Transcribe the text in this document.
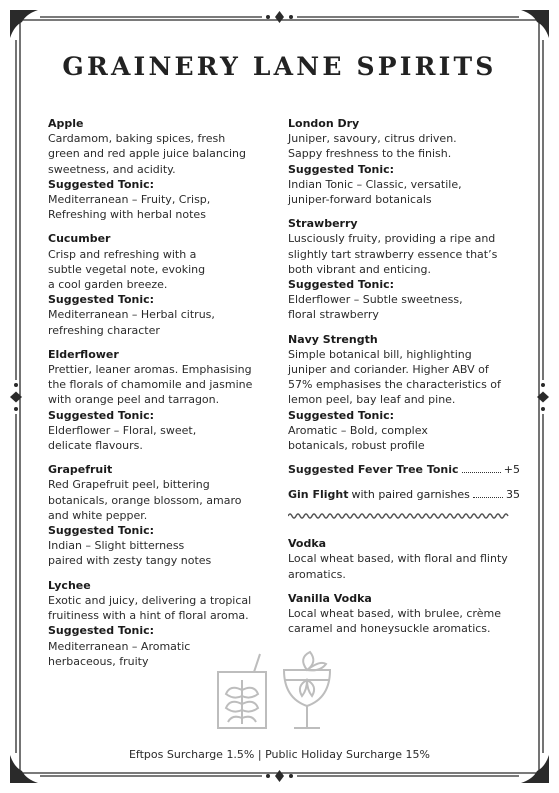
GRAINERY LANE SPIRITS
Apple
Cardamom, baking spices, fresh
green and red apple juice balancing
sweetness, and acidity.
Suggested Tonic:
Mediterranean – Fruity, Crisp,
Refreshing with herbal notes
Cucumber
Crisp and refreshing with a
subtle vegetal note, evoking
a cool garden breeze.
Suggested Tonic:
Mediterranean – Herbal citrus,
refreshing character
Elderflower
Prettier, leaner aromas. Emphasising
the florals of chamomile and jasmine
with orange peel and tarragon.
Suggested Tonic:
Elderflower – Floral, sweet,
delicate flavours.
Grapefruit
Red Grapefruit peel, bittering
botanicals, orange blossom, amaro
and white pepper.
Suggested Tonic:
Indian – Slight bitterness
paired with zesty tangy notes
Lychee
Exotic and juicy, delivering a tropical
fruitiness with a hint of floral aroma.
Suggested Tonic:
Mediterranean – Aromatic
herbaceous, fruity
London Dry
Juniper, savoury, citrus driven.
Sappy freshness to the finish.
Suggested Tonic:
Indian Tonic – Classic, versatile,
juniper-forward botanicals
Strawberry
Lusciously fruity, providing a ripe and
slightly tart strawberry essence that’s
both vibrant and enticing.
Suggested Tonic:
Elderflower – Subtle sweetness,
floral strawberry
Navy Strength
Simple botanical bill, highlighting
juniper and coriander. Higher ABV of
57% emphasises the characteristics of
lemon peel, bay leaf and pine.
Suggested Tonic:
Aromatic – Bold, complex
botanicals, robust profile
Suggested Fever Tree Tonic	+5
Gin Flight with paired garnishes	35
Vodka
Local wheat based, with floral and flinty
aromatics.
Vanilla Vodka
Local wheat based, with brulee, crème
caramel and honeysuckle aromatics.
Eftpos Surcharge 1.5% | Public Holiday Surcharge 15%
